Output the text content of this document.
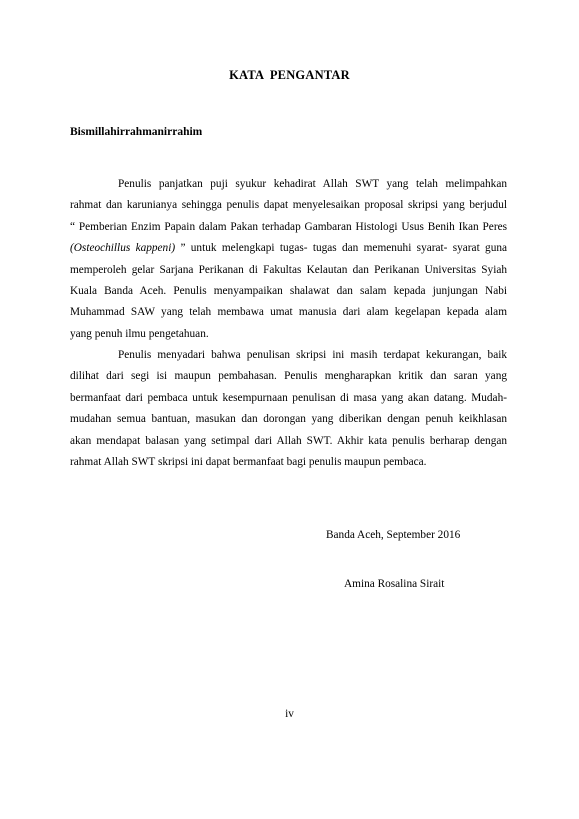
KATA PENGANTAR
Bismillahirrahmanirrahim
Penulis panjatkan puji syukur kehadirat Allah SWT yang telah melimpahkan
rahmat dan karunianya sehingga penulis dapat menyelesaikan proposal skripsi yang berjudul
“ Pemberian Enzim Papain dalam Pakan terhadap Gambaran Histologi Usus Benih Ikan Peres
(Osteochillus kappeni) ” untuk melengkapi tugas- tugas dan memenuhi syarat- syarat guna
memperoleh gelar Sarjana Perikanan di Fakultas Kelautan dan Perikanan Universitas Syiah
Kuala Banda Aceh. Penulis menyampaikan shalawat dan salam kepada junjungan Nabi
Muhammad SAW yang telah membawa umat manusia dari alam kegelapan kepada alam
yang penuh ilmu pengetahuan.
Penulis menyadari bahwa penulisan skripsi ini masih terdapat kekurangan, baik
dilihat dari segi isi maupun pembahasan. Penulis mengharapkan kritik dan saran yang
bermanfaat dari pembaca untuk kesempurnaan penulisan di masa yang akan datang. Mudah-
mudahan semua bantuan, masukan dan dorongan yang diberikan dengan penuh keikhlasan
akan mendapat balasan yang setimpal dari Allah SWT. Akhir kata penulis berharap dengan
rahmat Allah SWT skripsi ini dapat bermanfaat bagi penulis maupun pembaca.
Banda Aceh, September 2016
Amina Rosalina Sirait
iv
